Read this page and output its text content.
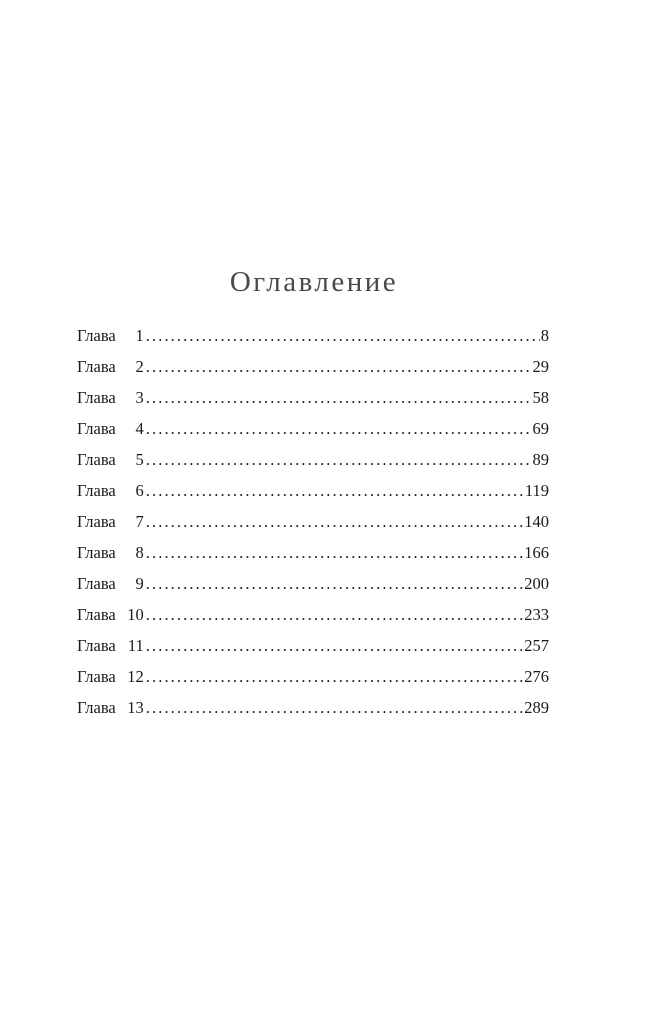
Оглавление
Глава	1 .....	8
Глава	2 .....	29
Глава	3 .....	58
Глава	4 .....	69
Глава	5 .....	89
Глава	6 .....	119
Глава	7 .....	140
Глава	8 .....	166
Глава	9 .....	200
Глава 10 .....	233
Глава 11 .....	257
Глава 12 .....	276
Глава 13 .....	289
